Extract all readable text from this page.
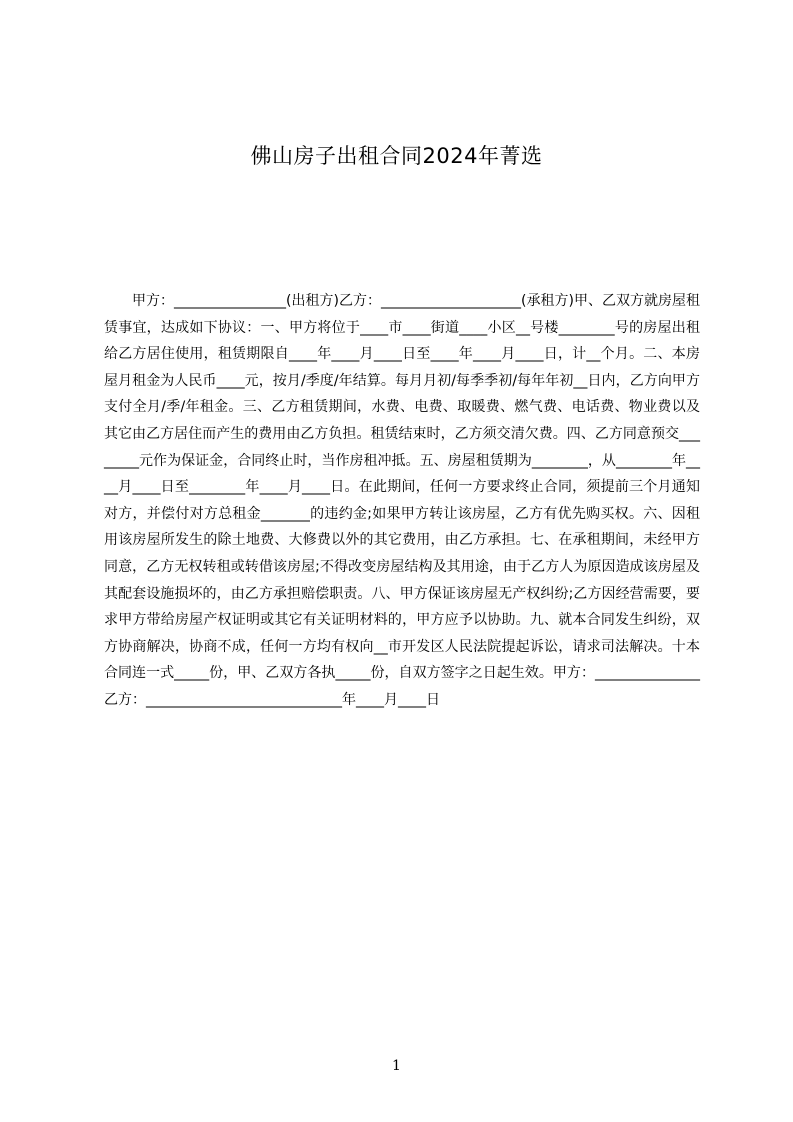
佛山房子出租合同2024年菁选

甲方：________________(出租方)乙方：____________________(承租方)甲、乙双方就房屋租赁事宜，达成如下协议：一、甲方将位于____市____街道____小区__号楼________号的房屋出租给乙方居住使用，租赁期限自____年____月____日至____年____月____日，计__个月。二、本房屋月租金为人民币____元，按月/季度/年结算。每月月初/每季季初/每年年初__日内，乙方向甲方支付全月/季/年租金。三、乙方租赁期间，水费、电费、取暖费、燃气费、电话费、物业费以及其它由乙方居住而产生的费用由乙方负担。租赁结束时，乙方须交清欠费。四、乙方同意预交________元作为保证金，合同终止时，当作房租冲抵。五、房屋租赁期为________，从________年____月____日至________年____月____日。在此期间，任何一方要求终止合同，须提前三个月通知对方，并偿付对方总租金_______的违约金;如果甲方转让该房屋，乙方有优先购买权。六、因租用该房屋所发生的除土地费、大修费以外的其它费用，由乙方承担。七、在承租期间，未经甲方同意，乙方无权转租或转借该房屋;不得改变房屋结构及其用途，由于乙方人为原因造成该房屋及其配套设施损坏的，由乙方承担赔偿职责。八、甲方保证该房屋无产权纠纷;乙方因经营需要，要求甲方带给房屋产权证明或其它有关证明材料的，甲方应予以协助。九、就本合同发生纠纷，双方协商解决，协商不成，任何一方均有权向__市开发区人民法院提起诉讼，请求司法解决。十本合同连一式_____份，甲、乙双方各执_____份，自双方签字之日起生效。甲方：_______________乙方：____________________________年____月____日

1
